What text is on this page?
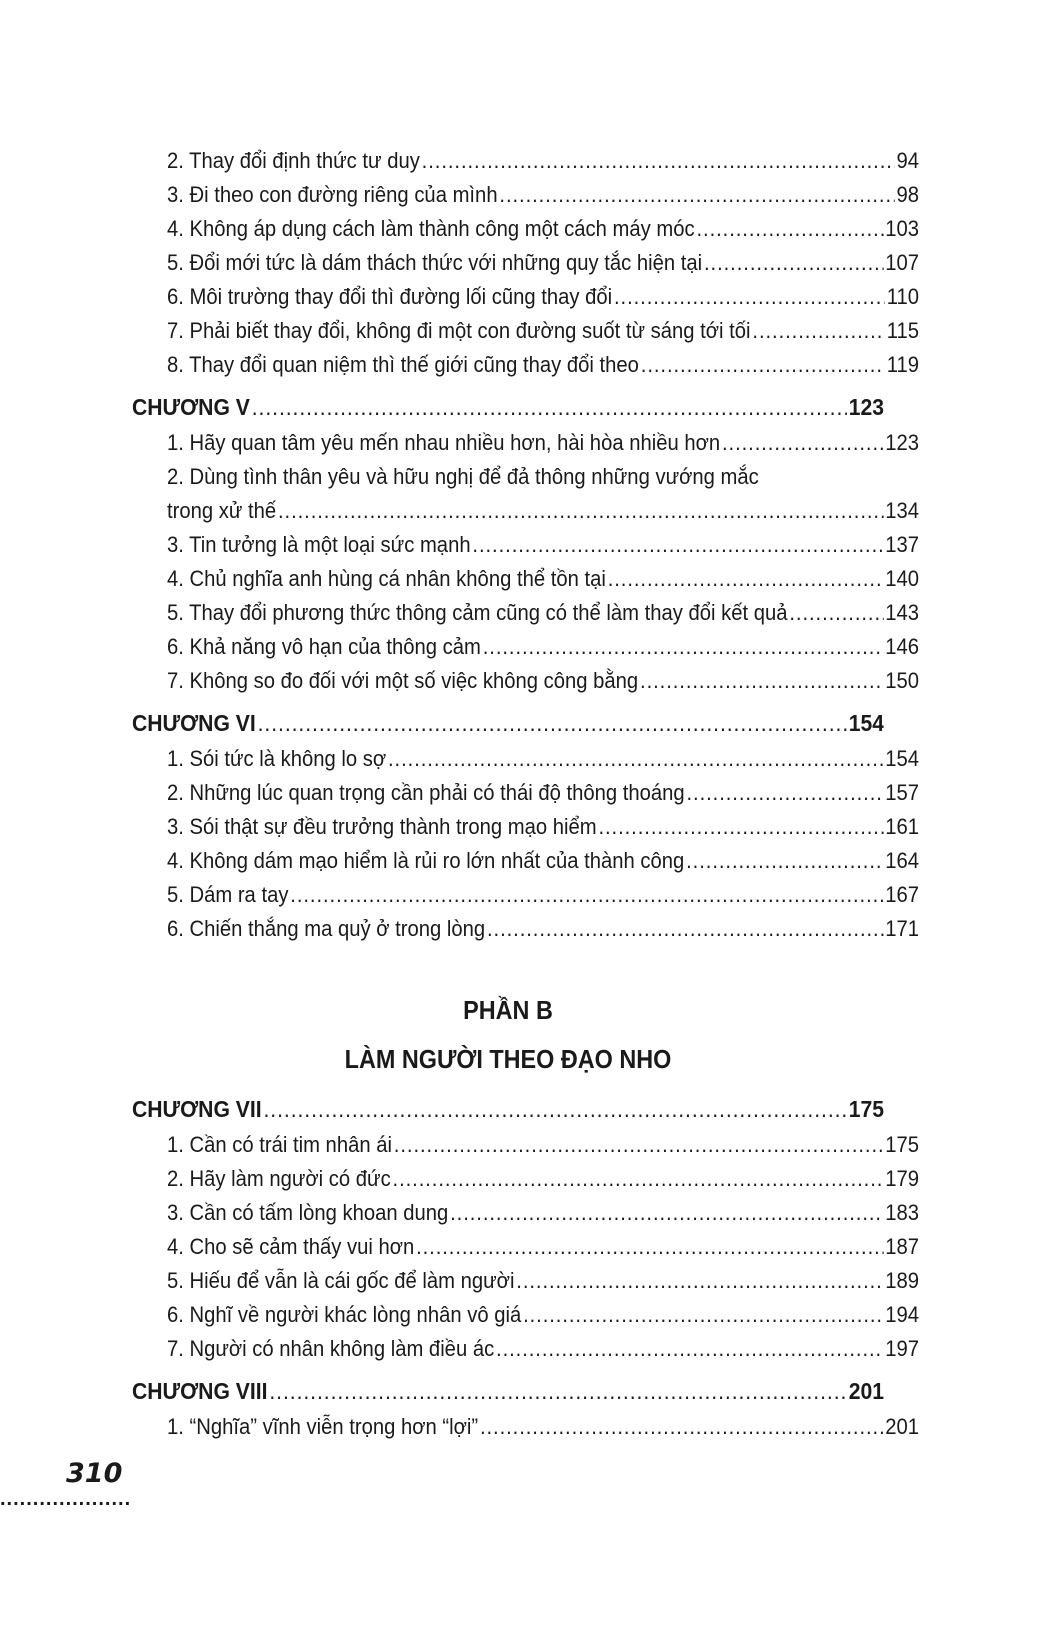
2. Thay đổi định thức tư duy .....	94
3. Đi theo con đường riêng của mình .....	98
4. Không áp dụng cách làm thành công một cách máy móc .....	103
5. Đổi mới tức là dám thách thức với những quy tắc hiện tại .....	107
6. Môi trường thay đổi thì đường lối cũng thay đổi .....	110
7. Phải biết thay đổi, không đi một con đường suốt từ sáng tới tối .....	115
8. Thay đổi quan niệm thì thế giới cũng thay đổi theo .....	119
CHƯƠNG V .....	123
1. Hãy quan tâm yêu mến nhau nhiều hơn, hài hòa nhiều hơn .....	123
2. Dùng tình thân yêu và hữu nghị để đả thông những vướng mắc
trong xử thế .....	134
3. Tin tưởng là một loại sức mạnh .....	137
4. Chủ nghĩa anh hùng cá nhân không thể tồn tại .....	140
5. Thay đổi phương thức thông cảm cũng có thể làm thay đổi kết quả .....	143
6. Khả năng vô hạn của thông cảm .....	146
7. Không so đo đối với một số việc không công bằng .....	150
CHƯƠNG VI .....	154
1. Sói tức là không lo sợ .....	154
2. Những lúc quan trọng cần phải có thái độ thông thoáng .....	157
3. Sói thật sự đều trưởng thành trong mạo hiểm .....	161
4. Không dám mạo hiểm là rủi ro lớn nhất của thành công .....	164
5. Dám ra tay .....	167
6. Chiến thắng ma quỷ ở trong lòng .....	171
PHẦN B
LÀM NGƯỜI THEO ĐẠO NHO
CHƯƠNG VII .....	175
1. Cần có trái tim nhân ái .....	175
2. Hãy làm người có đức .....	179
3. Cần có tấm lòng khoan dung .....	183
4. Cho sẽ cảm thấy vui hơn .....	187
5. Hiếu để vẫn là cái gốc để làm người .....	189
6. Nghĩ về người khác lòng nhân vô giá .....	194
7. Người có nhân không làm điều ác .....	197
CHƯƠNG VIII .....	201
1. “Nghĩa” vĩnh viễn trọng hơn “lợi” .....	201
310
....................
